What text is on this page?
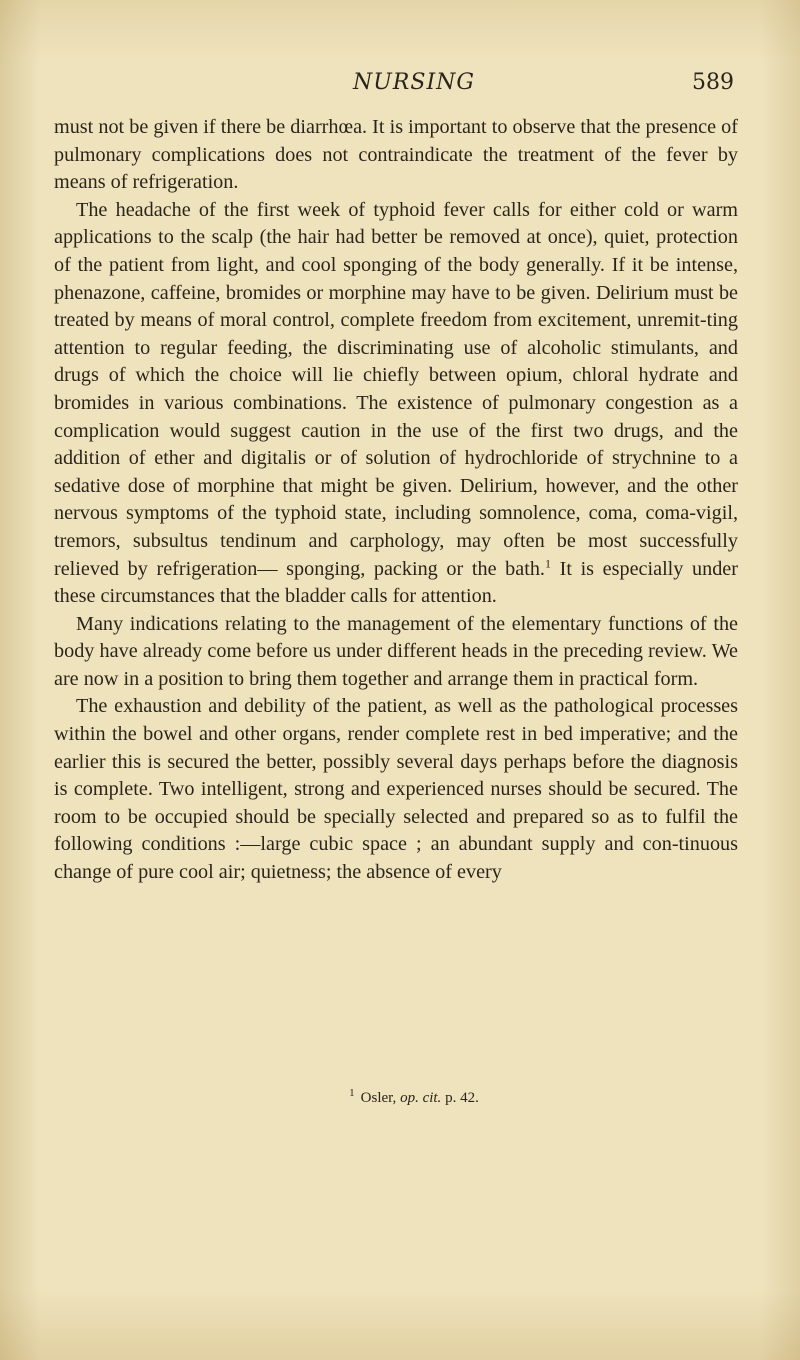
NURSING	589

must not be given if there be diarrhœa. It is important to observe that the presence of pulmonary complications does not contraindicate the treatment of the fever by means of refrigeration.

The headache of the first week of typhoid fever calls for either cold or warm applications to the scalp (the hair had better be removed at once), quiet, protection of the patient from light, and cool sponging of the body generally. If it be intense, phenazone, caffeine, bromides or morphine may have to be given. Delirium must be treated by means of moral control, complete freedom from excitement, unremit-ting attention to regular feeding, the discriminating use of alcoholic stimulants, and drugs of which the choice will lie chiefly between opium, chloral hydrate and bromides in various combinations. The existence of pulmonary congestion as a complication would suggest caution in the use of the first two drugs, and the addition of ether and digitalis or of solution of hydrochloride of strychnine to a sedative dose of morphine that might be given. Delirium, however, and the other nervous symptoms of the typhoid state, including somnolence, coma, coma-vigil, tremors, subsultus tendinum and carphology, may often be most successfully relieved by refrigeration— sponging, packing or the bath.$^1$ It is especially under these circumstances that the bladder calls for attention.

Many indications relating to the management of the elementary functions of the body have already come before us under different heads in the preceding review. We are now in a position to bring them together and arrange them in practical form.

The exhaustion and debility of the patient, as well as the pathological processes within the bowel and other organs, render complete rest in bed imperative; and the earlier this is secured the better, possibly several days perhaps before the diagnosis is complete. Two intelligent, strong and experienced nurses should be secured. The room to be occupied should be specially selected and prepared so as to fulfil the following conditions :—large cubic space ; an abundant supply and con-tinuous change of pure cool air; quietness; the absence of every

$^1$ Osler, op. cit. p. 42.
